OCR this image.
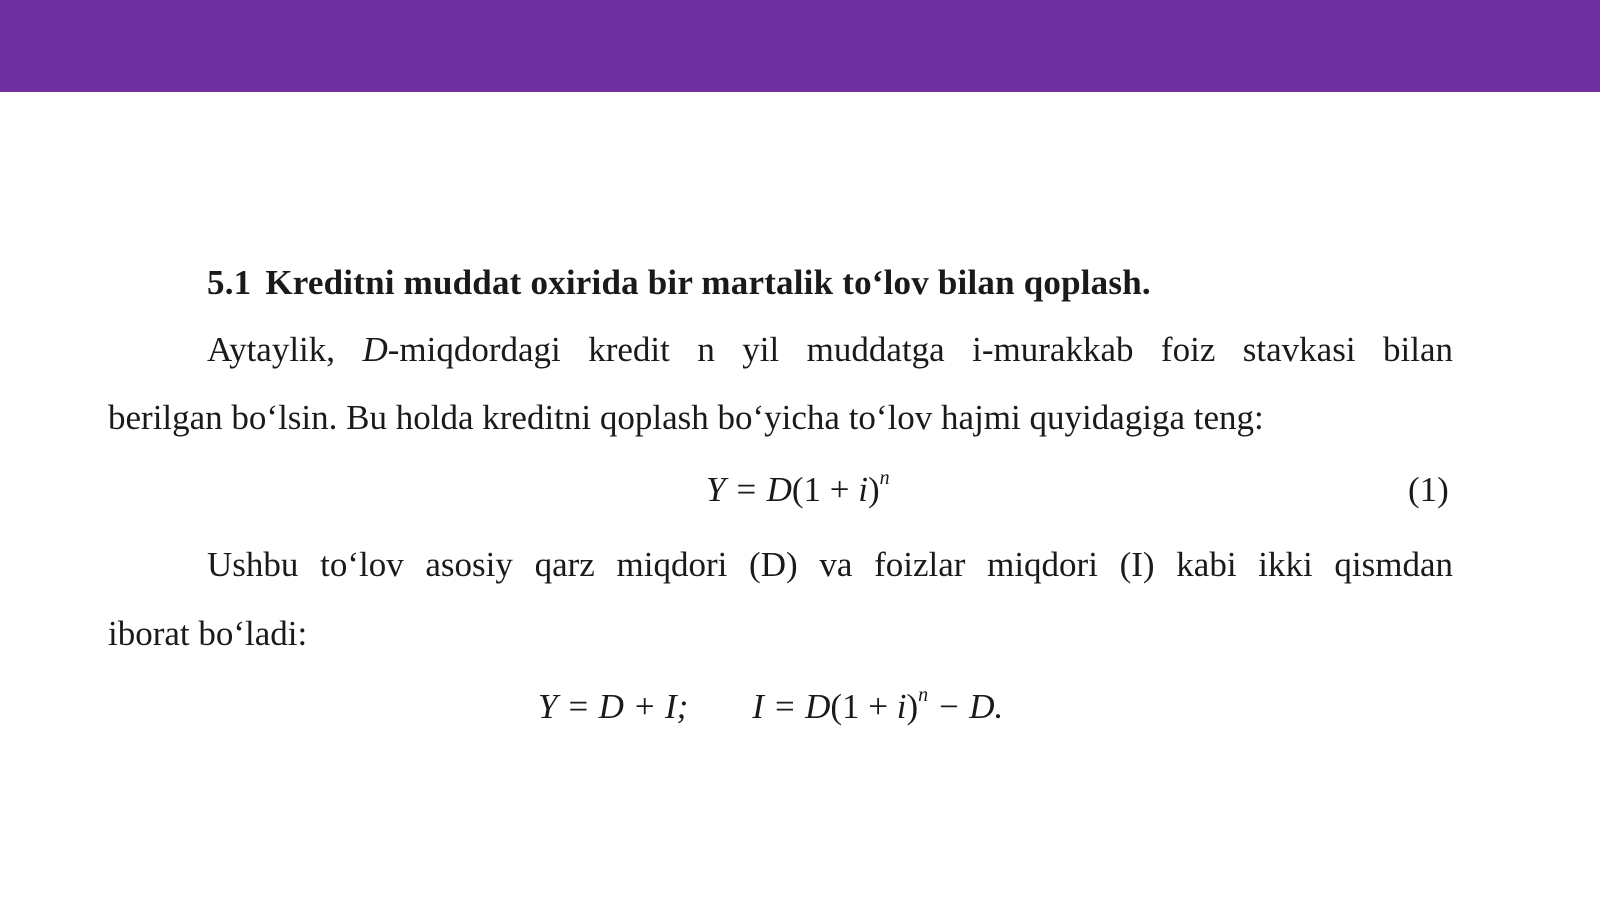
5.1 Kreditni muddat oxirida bir martalik to‘lov bilan qoplash.
Aytaylik, D-miqdordagi kredit n yil muddatga i-murakkab foiz stavkasi bilan
berilgan bo‘lsin. Bu holda kreditni qoplash bo‘yicha to‘lov hajmi quyidagiga teng:
$Y = D(1 + i)^n$	(1)
Ushbu to‘lov asosiy qarz miqdori (D) va foizlar miqdori (I) kabi ikki qismdan
iborat bo‘ladi:
Y = D + I; $I = D(1 + i)^n - D$.
